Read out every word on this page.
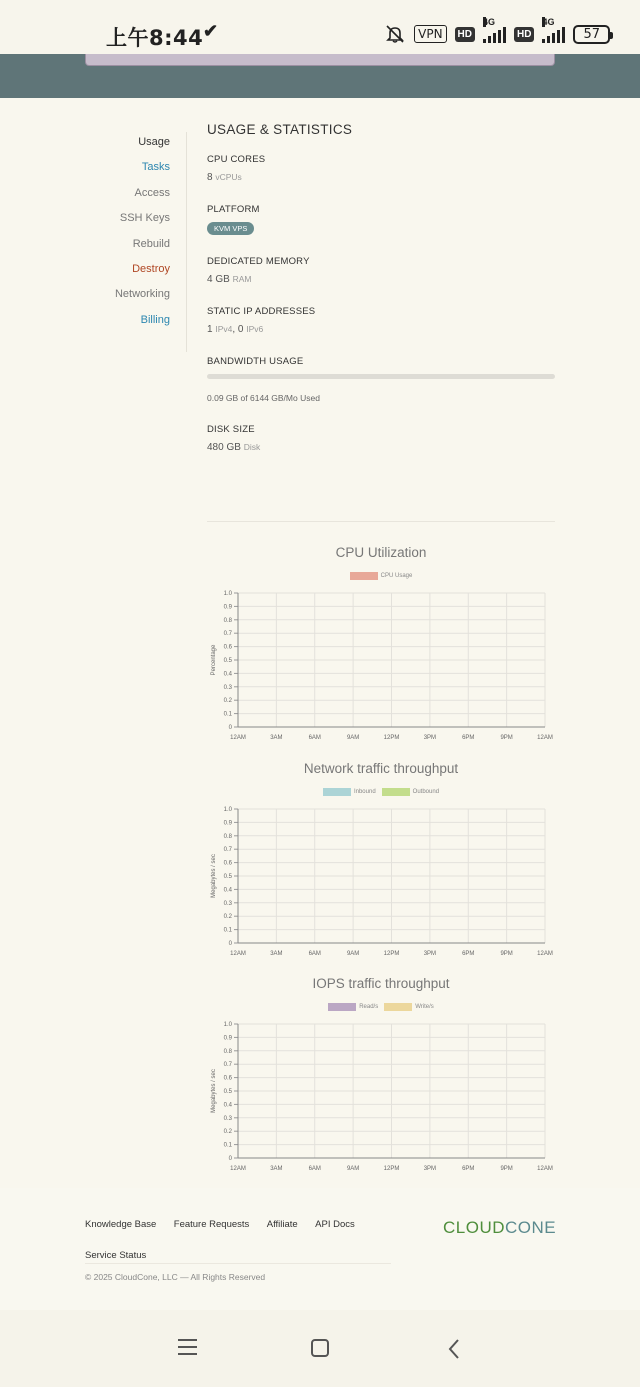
上午8:44 ✔	VPN	HD
4G
HD
4G
57
Usage
Tasks
Access
SSH Keys
Rebuild
Destroy
Networking
Billing
USAGE & STATISTICS
CPU CORES
8 vCPUs
PLATFORM
KVM VPS
DEDICATED MEMORY
4 GB RAM
STATIC IP ADDRESSES
1 IPv4, 0 IPv6
BANDWIDTH USAGE
0.09 GB of 6144 GB/Mo Used
DISK SIZE
480 GB Disk
CPU Utilization
CPU Usage
0
0.1
0.2
0.3
0.4
0.5
0.6
0.7
0.8
0.9
1.0
12AM	3AM	6AM	9AM	12PM	3PM	6PM	9PM	12AM
Percentage
Network traffic throughput
Inbound	Outbound
0
0.1
0.2
0.3
0.4
0.5
0.6
0.7
0.8
0.9
1.0
12AM	3AM	6AM	9AM	12PM	3PM	6PM	9PM	12AM
Megabytes / sec
IOPS traffic throughput
Read/s	Write/s
0
0.1
0.2
0.3
0.4
0.5
0.6
0.7
0.8
0.9
1.0
12AM	3AM	6AM	9AM	12PM	3PM	6PM	9PM	12AM
Megabytes / sec
Knowledge Base Feature Requests Affiliate API Docs Service Status
© 2025 CloudCone, LLC — All Rights Reserved
CLOUDCONE
